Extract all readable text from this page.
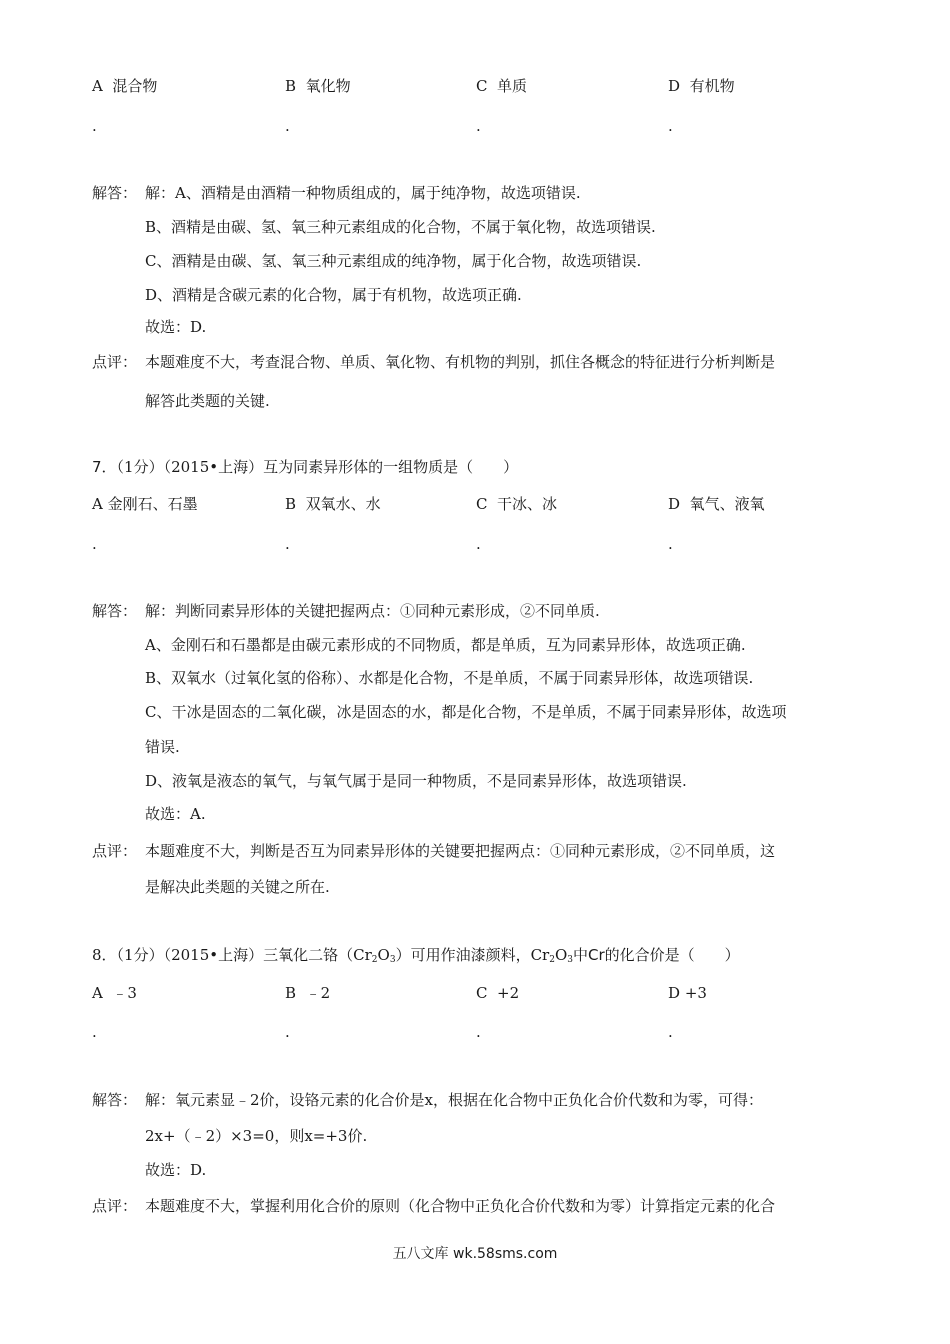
A 混合物	B 氧化物	C 单质	D 有机物
.	.	.	.
解答： 解：A、酒精是由酒精一种物质组成的，属于纯净物，故选项错误.
B、酒精是由碳、氢、氧三种元素组成的化合物，不属于氧化物，故选项错误.
C、酒精是由碳、氢、氧三种元素组成的纯净物，属于化合物，故选项错误.
D、酒精是含碳元素的化合物，属于有机物，故选项正确.
故选：D.
点评： 本题难度不大，考查混合物、单质、氧化物、有机物的判别，抓住各概念的特征进行分析判断是
解答此类题的关键.
7．（1分）（2015•上海）互为同素异形体的一组物质是（　　）
A 金刚石、石墨	B 双氧水、水	C 干冰、冰	D 氧气、液氧
.	.	.	.
解答： 解：判断同素异形体的关键把握两点：①同种元素形成，②不同单质.
A、金刚石和石墨都是由碳元素形成的不同物质，都是单质，互为同素异形体，故选项正确.
B、双氧水（过氧化氢的俗称）、水都是化合物，不是单质，不属于同素异形体，故选项错误.
C、干冰是固态的二氧化碳，冰是固态的水，都是化合物，不是单质，不属于同素异形体，故选项
错误.
D、液氧是液态的氧气，与氧气属于是同一种物质，不是同素异形体，故选项错误.
故选：A.
点评： 本题难度不大，判断是否互为同素异形体的关键要把握两点：①同种元素形成，②不同单质，这
是解决此类题的关键之所在.
8．（1分）（2015•上海）三氧化二铬$(Cr_2O_3)$可用作油漆颜料，$Cr_2O_3$中Cr的化合价是（　　）
A ﹣3	B ﹣2	C +2	D +3
.	.	.	.
解答： 解：氧元素显﹣2价，设铬元素的化合价是x，根据在化合物中正负化合价代数和为零，可得：
2x+（﹣2）×3=0，则x=+3价.
故选：D.
点评： 本题难度不大，掌握利用化合价的原则（化合物中正负化合价代数和为零）计算指定元素的化合
五八文库 wk.58sms.com
